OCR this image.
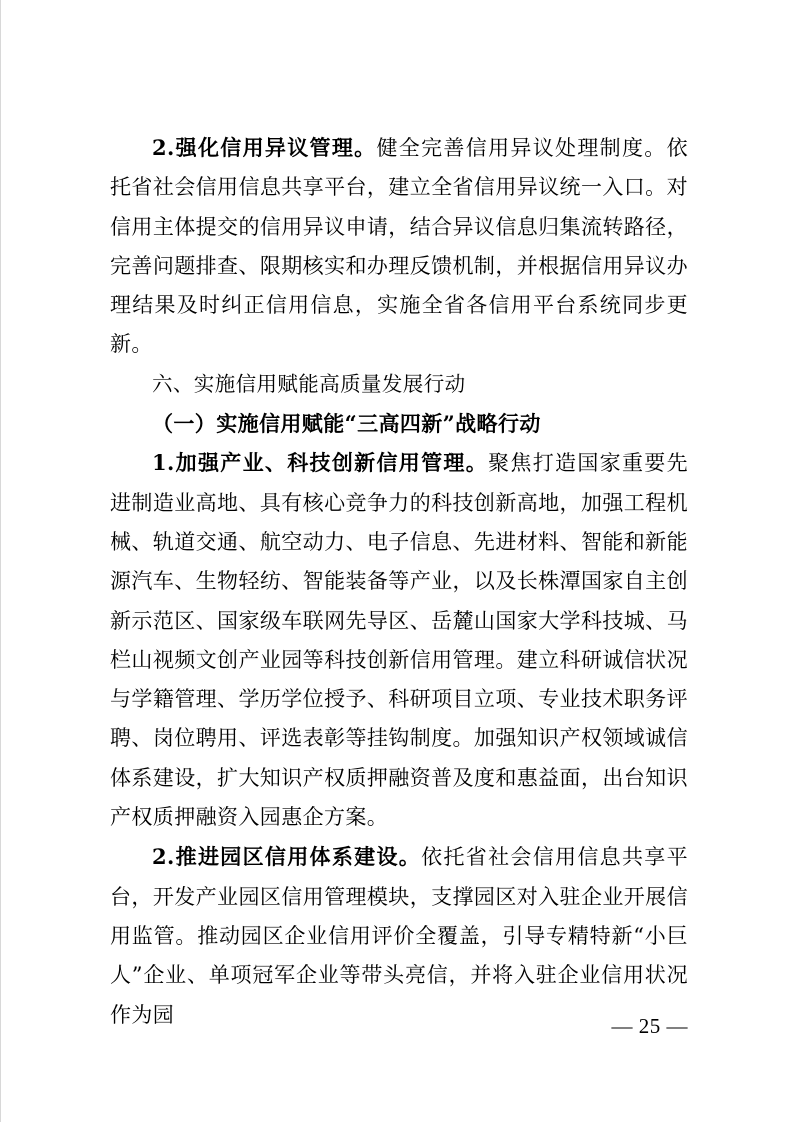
2.强化信用异议管理。健全完善信用异议处理制度。依托省社会信用信息共享平台，建立全省信用异议统一入口。对信用主体提交的信用异议申请，结合异议信息归集流转路径，完善问题排查、限期核实和办理反馈机制，并根据信用异议办理结果及时纠正信用信息，实施全省各信用平台系统同步更新。

六、实施信用赋能高质量发展行动

（一）实施信用赋能“三高四新”战略行动

1.加强产业、科技创新信用管理。聚焦打造国家重要先进制造业高地、具有核心竞争力的科技创新高地，加强工程机械、轨道交通、航空动力、电子信息、先进材料、智能和新能源汽车、生物轻纺、智能装备等产业，以及长株潭国家自主创新示范区、国家级车联网先导区、岳麓山国家大学科技城、马栏山视频文创产业园等科技创新信用管理。建立科研诚信状况与学籍管理、学历学位授予、科研项目立项、专业技术职务评聘、岗位聘用、评选表彰等挂钩制度。加强知识产权领域诚信体系建设，扩大知识产权质押融资普及度和惠益面，出台知识产权质押融资入园惠企方案。

2.推进园区信用体系建设。依托省社会信用信息共享平台，开发产业园区信用管理模块，支撑园区对入驻企业开展信用监管。推动园区企业信用评价全覆盖，引导专精特新“小巨人”企业、单项冠军企业等带头亮信，并将入驻企业信用状况作为园	— 25 —
